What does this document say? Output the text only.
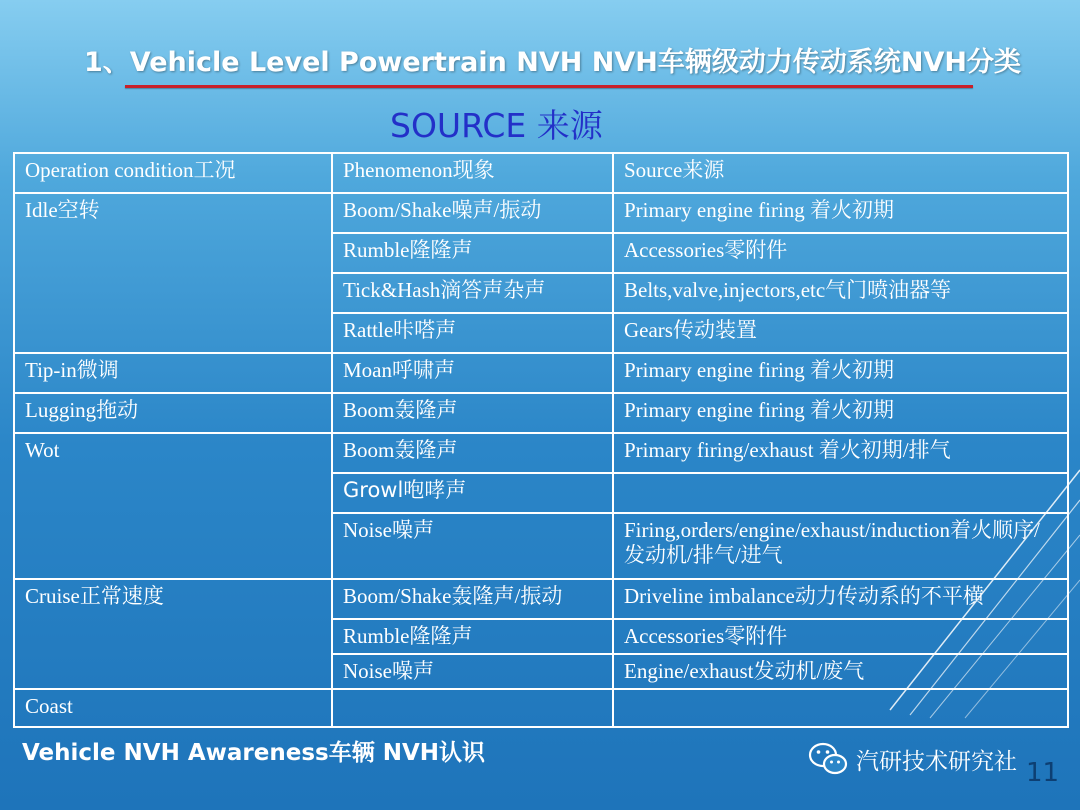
1、Vehicle Level Powertrain NVH NVH车辆级动力传动系统NVH分类
SOURCE 来源
Operation condition工况	Phenomenon现象	Source来源
Idle空转	Boom/Shake噪声/振动	Primary engine firing 着火初期
	Rumble隆隆声	Accessories零附件
	Tick&Hash滴答声杂声	Belts,valve,injectors,etc气门喷油器等
	Rattle咔嗒声	Gears传动装置
Tip-in微调	Moan呼啸声	Primary engine firing 着火初期
Lugging拖动	Boom轰隆声	Primary engine firing 着火初期
Wot	Boom轰隆声	Primary firing/exhaust 着火初期/排气
	Growl咆哮声	
	Noise噪声	Firing,orders/engine/exhaust/induction着火顺序/发动机/排气/进气
Cruise正常速度	Boom/Shake轰隆声/振动	Driveline imbalance动力传动系的不平横
	Rumble隆隆声	Accessories零附件
	Noise噪声	Engine/exhaust发动机/废气
Coast		
Vehicle NVH Awareness车辆 NVH认识	汽研技术研究社 11
